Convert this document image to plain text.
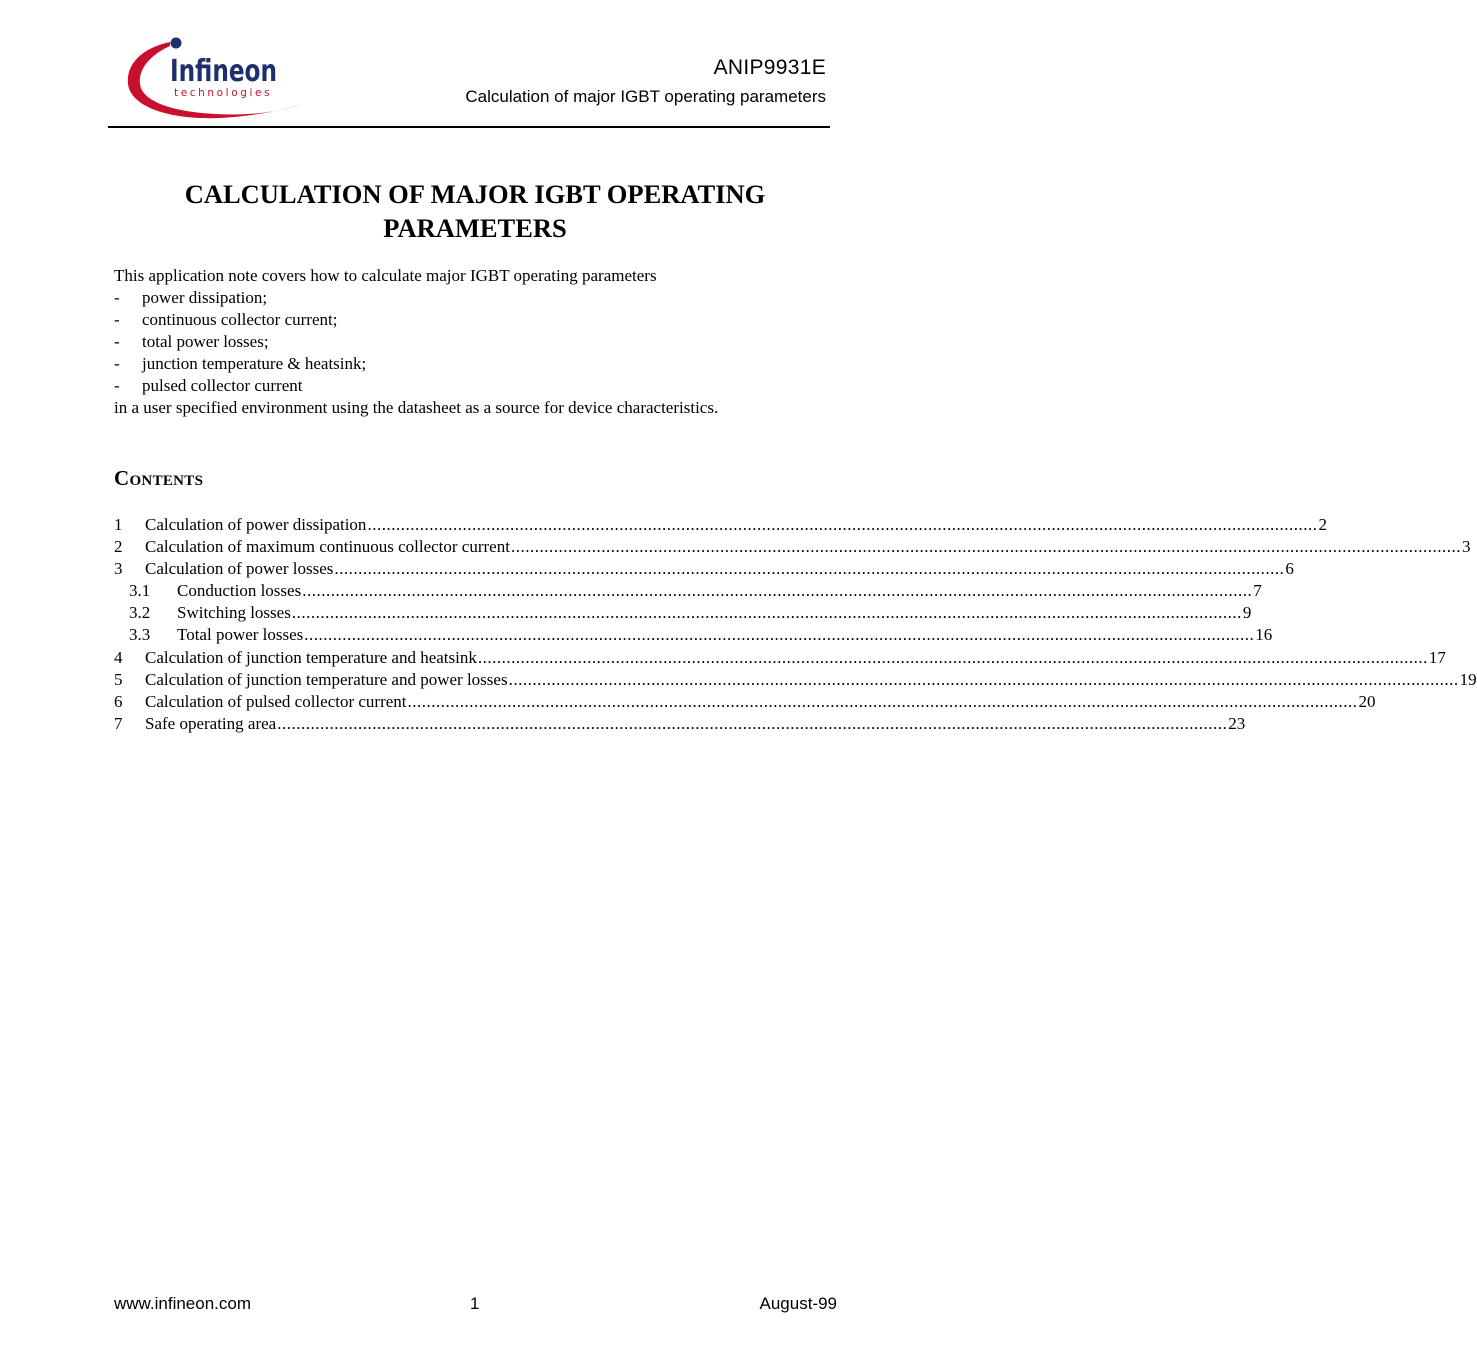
Infineon
technologies
ANIP9931E
Calculation of major IGBT operating parameters
CALCULATION OF MAJOR IGBT OPERATING
PARAMETERS

This application note covers how to calculate major IGBT operating parameters

- power dissipation;
- continuous collector current;
- total power losses;
- junction temperature & heatsink;
- pulsed collector current

in a user specified environment using the datasheet as a source for device characteristics.

Contents
1	Calculation of power dissipation ........................................................................................................................................................................................................ 2
2	Calculation of maximum continuous collector current ........................................................................................................................................................................................................ 3
3	Calculation of power losses ........................................................................................................................................................................................................ 6
3.1	Conduction losses ........................................................................................................................................................................................................ 7
3.2	Switching losses ........................................................................................................................................................................................................ 9
3.3	Total power losses ........................................................................................................................................................................................................ 16
4	Calculation of junction temperature and heatsink ........................................................................................................................................................................................................ 17
5	Calculation of junction temperature and power losses ........................................................................................................................................................................................................ 19
6	Calculation of pulsed collector current ........................................................................................................................................................................................................ 20
7	Safe operating area ........................................................................................................................................................................................................ 23
www.infineon.com	1	August-99
